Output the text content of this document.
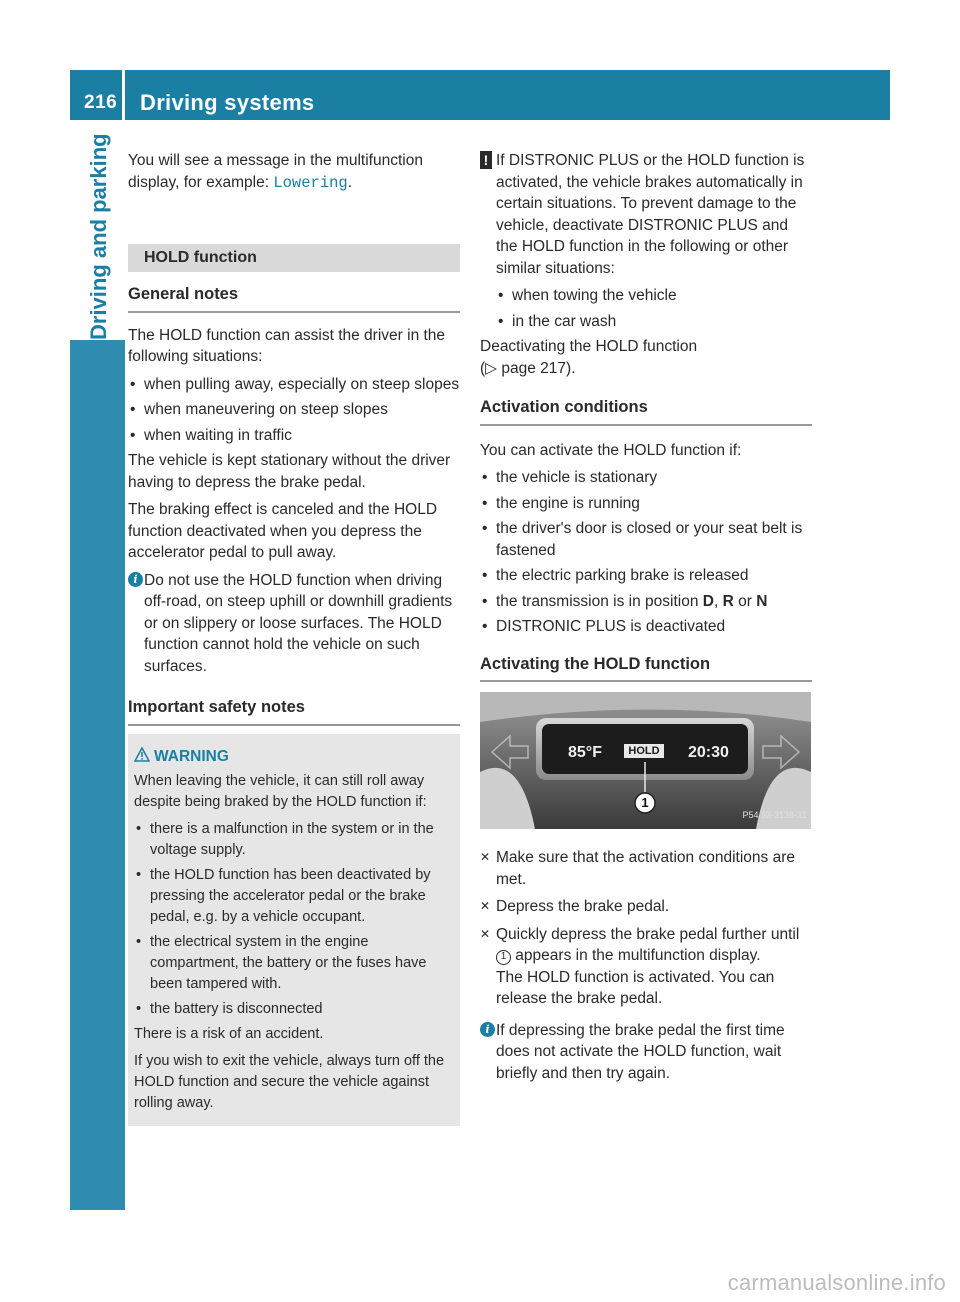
216 Driving systems
Driving and parking You will see a message in the multifunction display, for example: Lowering.
HOLD function
General notes
The HOLD function can assist the driver in the following situations:
• when pulling away, especially on steep slopes
• when maneuvering on steep slopes
• when waiting in traffic
The vehicle is kept stationary without the driver having to depress the brake pedal.
The braking effect is canceled and the HOLD function deactivated when you depress the accelerator pedal to pull away.
i Do not use the HOLD function when driving off-road, on steep uphill or downhill gradients or on slippery or loose surfaces. The HOLD function cannot hold the vehicle on such surfaces.
Important safety notes
WARNING
When leaving the vehicle, it can still roll away despite being braked by the HOLD function if:
• there is a malfunction in the system or in the voltage supply.
• the HOLD function has been deactivated by pressing the accelerator pedal or the brake pedal, e.g. by a vehicle occupant.
• the electrical system in the engine compartment, the battery or the fuses have been tampered with.
• the battery is disconnected
There is a risk of an accident.
If you wish to exit the vehicle, always turn off the HOLD function and secure the vehicle against rolling away.
! If DISTRONIC PLUS or the HOLD function is activated, the vehicle brakes automatically in certain situations. To prevent damage to the vehicle, deactivate DISTRONIC PLUS and the HOLD function in the following or other similar situations:
• when towing the vehicle
• in the car wash
Deactivating the HOLD function
(▷ page 217).
Activation conditions
You can activate the HOLD function if:
• the vehicle is stationary
• the engine is running
• the driver's door is closed or your seat belt is fastened
• the electric parking brake is released
• the transmission is in position D, R or N
• DISTRONIC PLUS is deactivated
Activating the HOLD function
85°F HOLD 20:30
1
P54.33-3138-31
✕ Make sure that the activation conditions are met.
✕ Depress the brake pedal.
✕ Quickly depress the brake pedal further until 1 appears in the multifunction display.
The HOLD function is activated. You can release the brake pedal.
i If depressing the brake pedal the first time does not activate the HOLD function, wait briefly and then try again.
carmanualsonline.info
